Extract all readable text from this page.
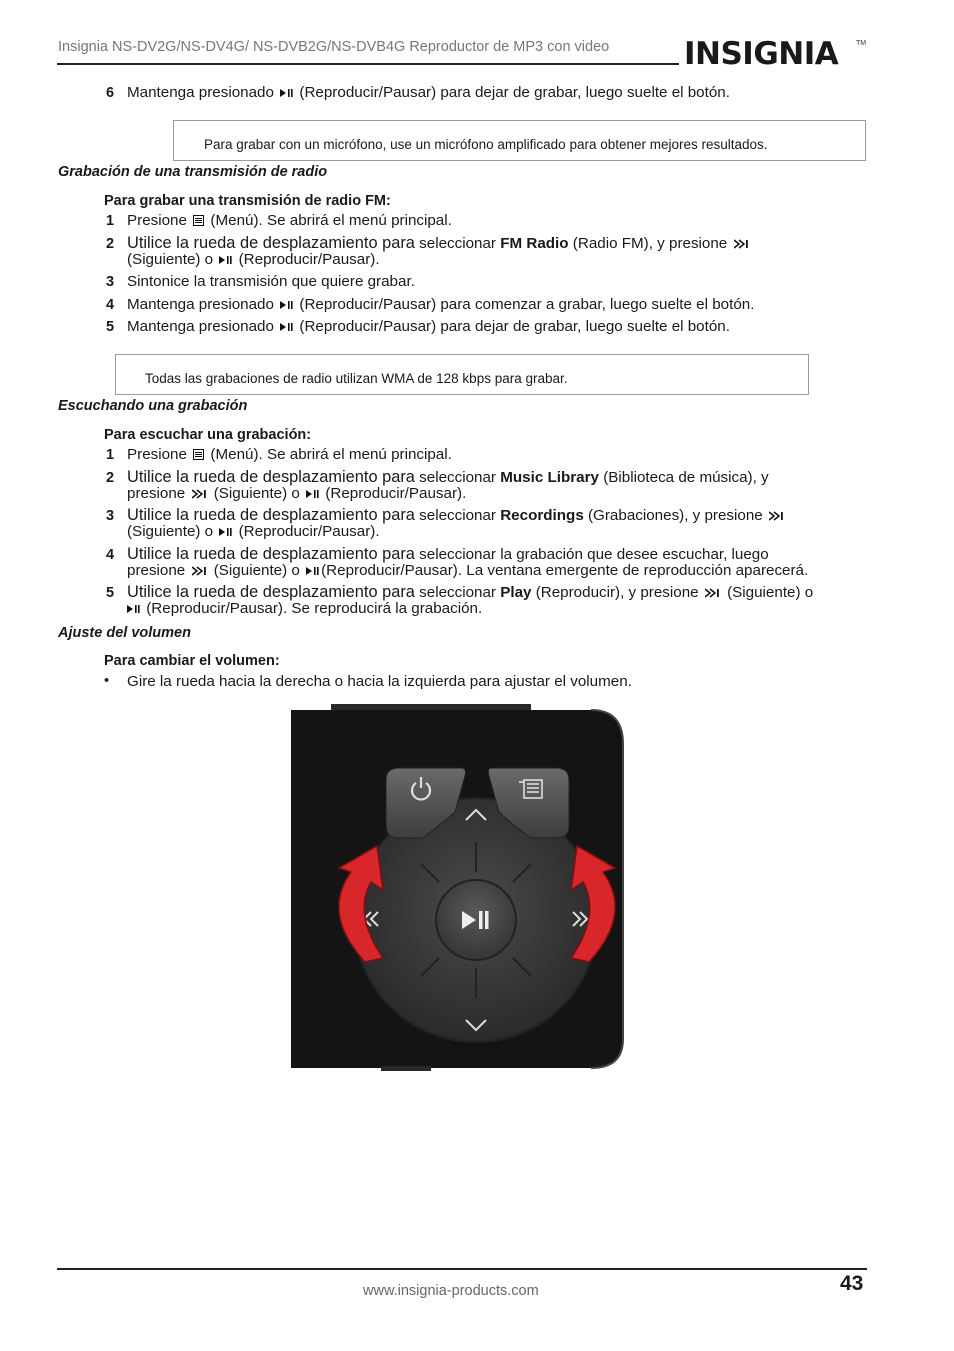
Insignia NS-DV2G/NS-DV4G/ NS-DVB2G/NS-DVB4G Reproductor de MP3 con video INSIGNIA	TM
6 Mantenga presionado (Reproducir/Pausar) para dejar de grabar, luego suelte el botón.
Para grabar con un micrófono, use un micrófono amplificado para obtener mejores resultados.
Grabación de una transmisión de radio
Para grabar una transmisión de radio FM:
1 Presione (Menú). Se abrirá el menú principal.
2 Utilice la rueda de desplazamiento para seleccionar FM Radio (Radio FM), y presione
(Siguiente) o (Reproducir/Pausar).
3 Sintonice la transmisión que quiere grabar.
4 Mantenga presionado (Reproducir/Pausar) para comenzar a grabar, luego suelte el botón.
5 Mantenga presionado (Reproducir/Pausar) para dejar de grabar, luego suelte el botón.
Todas las grabaciones de radio utilizan WMA de 128 kbps para grabar.
Escuchando una grabación
Para escuchar una grabación:
1 Presione (Menú). Se abrirá el menú principal.
2 Utilice la rueda de desplazamiento para seleccionar Music Library (Biblioteca de música), y
presione (Siguiente) o (Reproducir/Pausar).
3 Utilice la rueda de desplazamiento para seleccionar Recordings (Grabaciones), y presione
(Siguiente) o (Reproducir/Pausar).
4 Utilice la rueda de desplazamiento para seleccionar la grabación que desee escuchar, luego
presione (Siguiente) o (Reproducir/Pausar). La ventana emergente de reproducción aparecerá.
5 Utilice la rueda de desplazamiento para seleccionar Play (Reproducir), y presione (Siguiente) o
(Reproducir/Pausar). Se reproducirá la grabación.
Ajuste del volumen
Para cambiar el volumen:
• Gire la rueda hacia la derecha o hacia la izquierda para ajustar el volumen.
www.insignia-products.com	43
